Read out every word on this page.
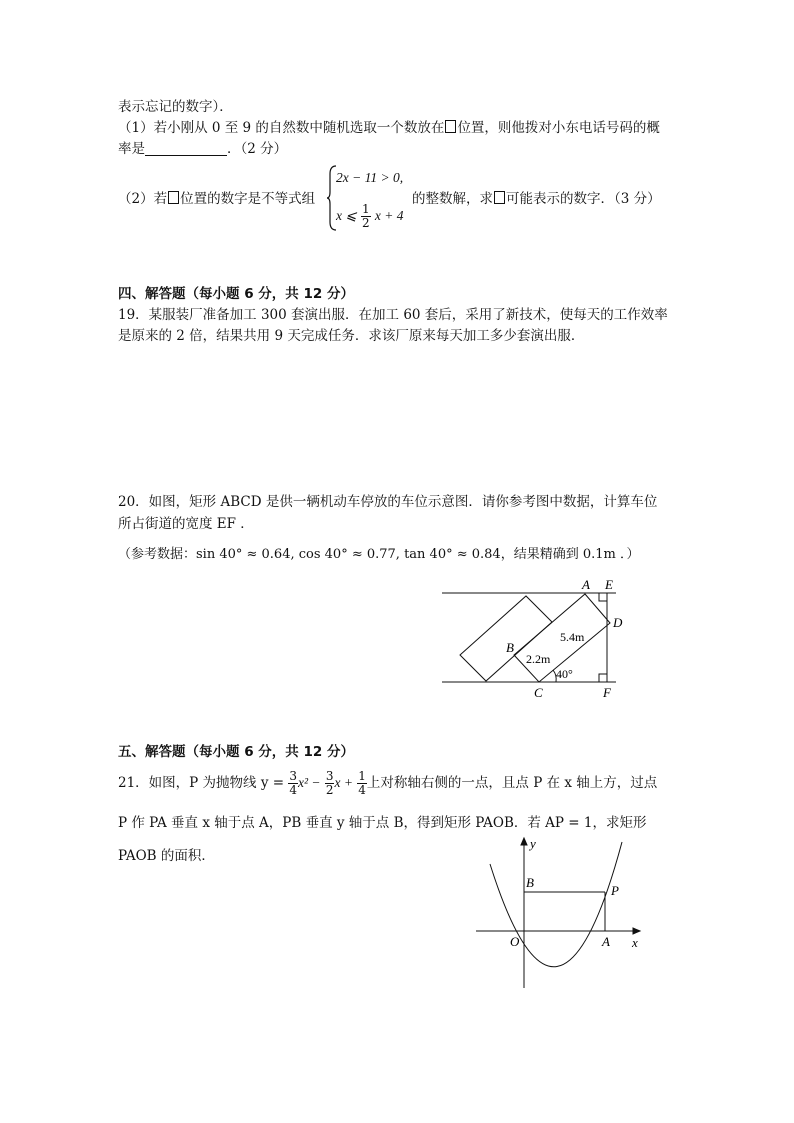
表示忘记的数字）．
（1）若小刚从 0 至 9 的自然数中随机选取一个数放在 位置，则他拨对小东电话号码的概
率是	．（2 分）
（2）若 位置的数字是不等式组
2x − 11 > 0,
x ⩽ $\frac{1}{2}$ x + 4
的整数解，求 可能表示的数字．（3 分）
四、解答题（每小题 6 分，共 12 分）
19．某服装厂准备加工 300 套演出服．在加工 60 套后，采用了新技术，使每天的工作效率
是原来的 2 倍，结果共用 9 天完成任务．求该厂原来每天加工多少套演出服．
20．如图，矩形 ABCD 是供一辆机动车停放的车位示意图．请你参考图中数据，计算车位
所占街道的宽度 EF ．
（参考数据：sin 40° ≈ 0.64, cos 40° ≈ 0.77, tan 40° ≈ 0.84，结果精确到 0.1m ．）
A E
D
B
C	F
5.4m
2.2m
40°
五、解答题（每小题 6 分，共 12 分）
21．如图，P 为抛物线 $y = \frac{3}{4} x^2 - \frac{3}{2}$ $x + \frac{1}{4}$ 上对称轴右侧的一点，且点 P 在 x 轴上方，过点
P 作 PA 垂直 x 轴于点 A，PB 垂直 y 轴于点 B，得到矩形 PAOB．若 AP = 1，求矩形
PAOB 的面积．
y
x
O	A
B
P
